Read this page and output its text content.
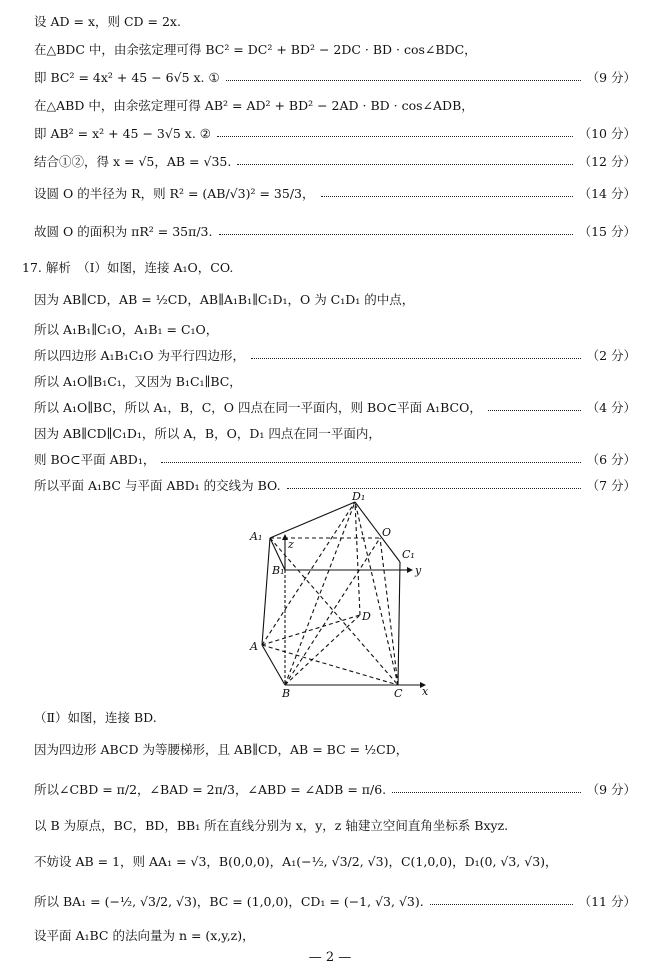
设 AD = x，则 CD = 2x.
在△BDC 中，由余弦定理可得 BC² = DC² + BD² − 2DC · BD · cos∠BDC，
即 BC² = 4x² + 45 − 6√5 x. ①	（9 分）
在△ABD 中，由余弦定理可得 AB² = AD² + BD² − 2AD · BD · cos∠ADB，
即 AB² = x² + 45 − 3√5 x. ②	（10 分）
结合①②，得 x = √5，AB = √35.	（12 分）
设圆 O 的半径为 R，则 R² = (AB/√3)² = 35/3，	（14 分）
故圆 O 的面积为 πR² = 35π/3.	（15 分）
17. 解析　（Ⅰ）如图，连接 A₁O，CO.
因为 AB∥CD，AB = ½CD，AB∥A₁B₁∥C₁D₁，O 为 C₁D₁ 的中点，
所以 A₁B₁∥C₁O，A₁B₁ = C₁O，
所以四边形 A₁B₁C₁O 为平行四边形，	（2 分）
所以 A₁O∥B₁C₁，又因为 B₁C₁∥BC，
所以 A₁O∥BC，所以 A₁，B，C，O 四点在同一平面内，则 BO⊂平面 A₁BCO，	（4 分）
因为 AB∥CD∥C₁D₁，所以 A，B，O，D₁ 四点在同一平面内，
则 BO⊂平面 ABD₁，	（6 分）
所以平面 A₁BC 与平面 ABD₁ 的交线为 BO.	（7 分）
A₁
D₁
O
C₁
z
B₁	y
D
A
B	C x
（Ⅱ）如图，连接 BD.
因为四边形 ABCD 为等腰梯形，且 AB∥CD，AB = BC = ½CD，
所以∠CBD = π/2，∠BAD = 2π/3，∠ABD = ∠ADB = π/6.	（9 分）
以 B 为原点，BC，BD，BB₁ 所在直线分别为 x，y，z 轴建立空间直角坐标系 Bxyz.
不妨设 AB = 1，则 AA₁ = √3，B(0,0,0)，A₁(−½, √3/2, √3)，C(1,0,0)，D₁(0, √3, √3)，
所以 BA₁ = (−½, √3/2, √3)，BC = (1,0,0)，CD₁ = (−1, √3, √3).	（11 分）
设平面 A₁BC 的法向量为 n = (x,y,z)，
— 2 —
